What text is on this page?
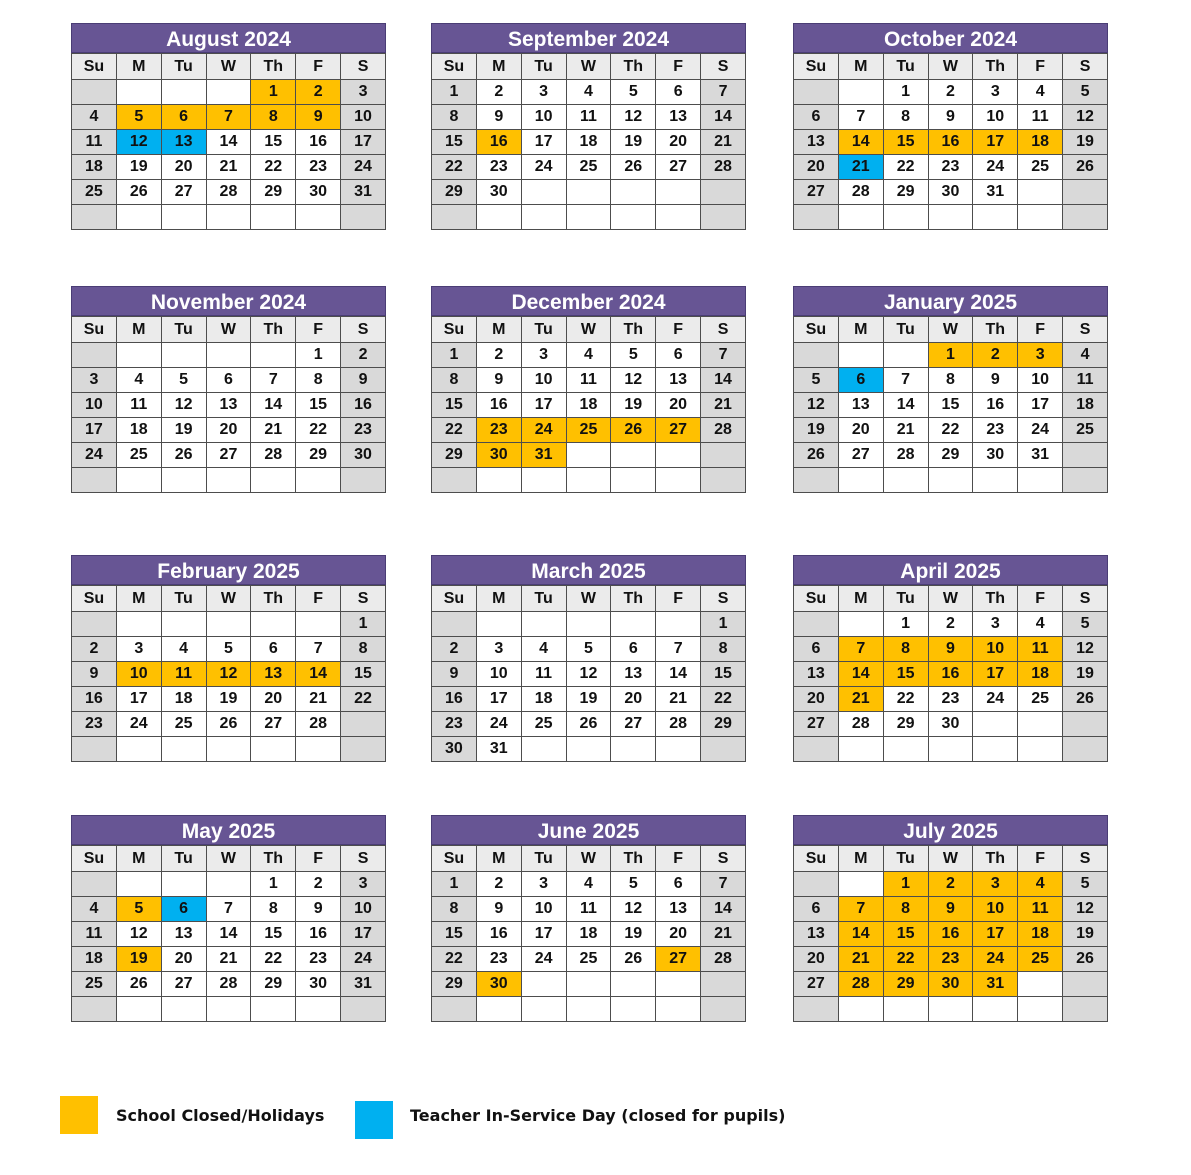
August 2024
Su	M	Tu	W	Th	F	S
				1	2	3
4	5	6	7	8	9	10
11	12	13	14	15	16	17
18	19	20	21	22	23	24
25	26	27	28	29	30	31

September 2024
Su	M	Tu	W	Th	F	S
1	2	3	4	5	6	7
8	9	10	11	12	13	14
15	16	17	18	19	20	21
22	23	24	25	26	27	28
29	30					

October 2024
Su	M	Tu	W	Th	F	S
		1	2	3	4	5
6	7	8	9	10	11	12
13	14	15	16	17	18	19
20	21	22	23	24	25	26
27	28	29	30	31		

November 2024
Su	M	Tu	W	Th	F	S
					1	2
3	4	5	6	7	8	9
10	11	12	13	14	15	16
17	18	19	20	21	22	23
24	25	26	27	28	29	30

December 2024
Su	M	Tu	W	Th	F	S
1	2	3	4	5	6	7
8	9	10	11	12	13	14
15	16	17	18	19	20	21
22	23	24	25	26	27	28
29	30	31				

January 2025
Su	M	Tu	W	Th	F	S
			1	2	3	4
5	6	7	8	9	10	11
12	13	14	15	16	17	18
19	20	21	22	23	24	25
26	27	28	29	30	31	

February 2025
Su	M	Tu	W	Th	F	S
						1
2	3	4	5	6	7	8
9	10	11	12	13	14	15
16	17	18	19	20	21	22
23	24	25	26	27	28	

March 2025
Su	M	Tu	W	Th	F	S
						1
2	3	4	5	6	7	8
9	10	11	12	13	14	15
16	17	18	19	20	21	22
23	24	25	26	27	28	29
30	31					
April 2025
Su	M	Tu	W	Th	F	S
		1	2	3	4	5
6	7	8	9	10	11	12
13	14	15	16	17	18	19
20	21	22	23	24	25	26
27	28	29	30			

May 2025
Su	M	Tu	W	Th	F	S
				1	2	3
4	5	6	7	8	9	10
11	12	13	14	15	16	17
18	19	20	21	22	23	24
25	26	27	28	29	30	31

June 2025
Su	M	Tu	W	Th	F	S
1	2	3	4	5	6	7
8	9	10	11	12	13	14
15	16	17	18	19	20	21
22	23	24	25	26	27	28
29	30					

July 2025
Su	M	Tu	W	Th	F	S
		1	2	3	4	5
6	7	8	9	10	11	12
13	14	15	16	17	18	19
20	21	22	23	24	25	26
27	28	29	30	31		

School Closed/Holidays	Teacher In-Service Day (closed for pupils)
